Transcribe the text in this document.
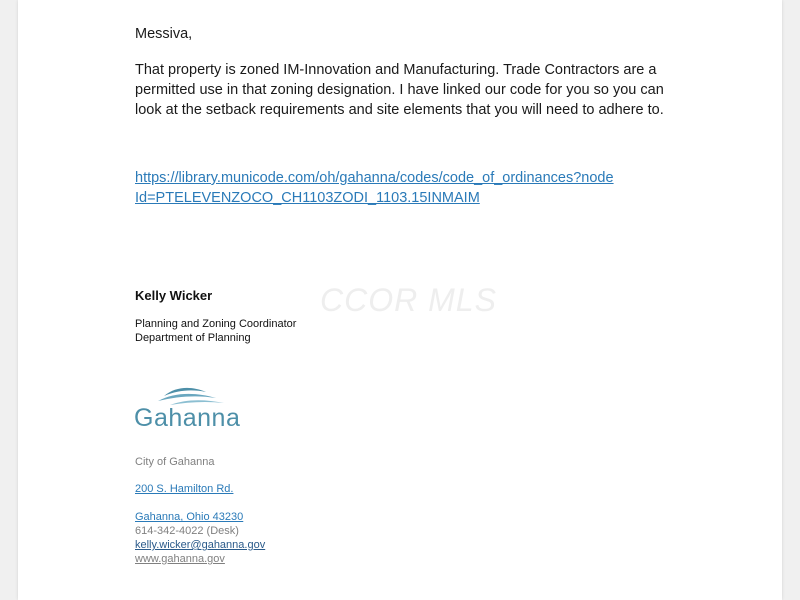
Messiva,
That property is zoned IM-Innovation and Manufacturing. Trade Contractors are a permitted use in that zoning designation. I have linked our code for you so you can look at the setback requirements and site elements that you will need to adhere to.
https://library.municode.com/oh/gahanna/codes/code_of_ordinances?nodeId=PTELEVENZOCO_CH1103ZODI_1103.15INMAIM
CCOR MLS
Kelly Wicker
Planning and Zoning Coordinator
Department of Planning
Gahanna
City of Gahanna
200 S. Hamilton Rd.
Gahanna, Ohio 43230
614-342-4022 (Desk)
kelly.wicker@gahanna.gov
www.gahanna.gov
